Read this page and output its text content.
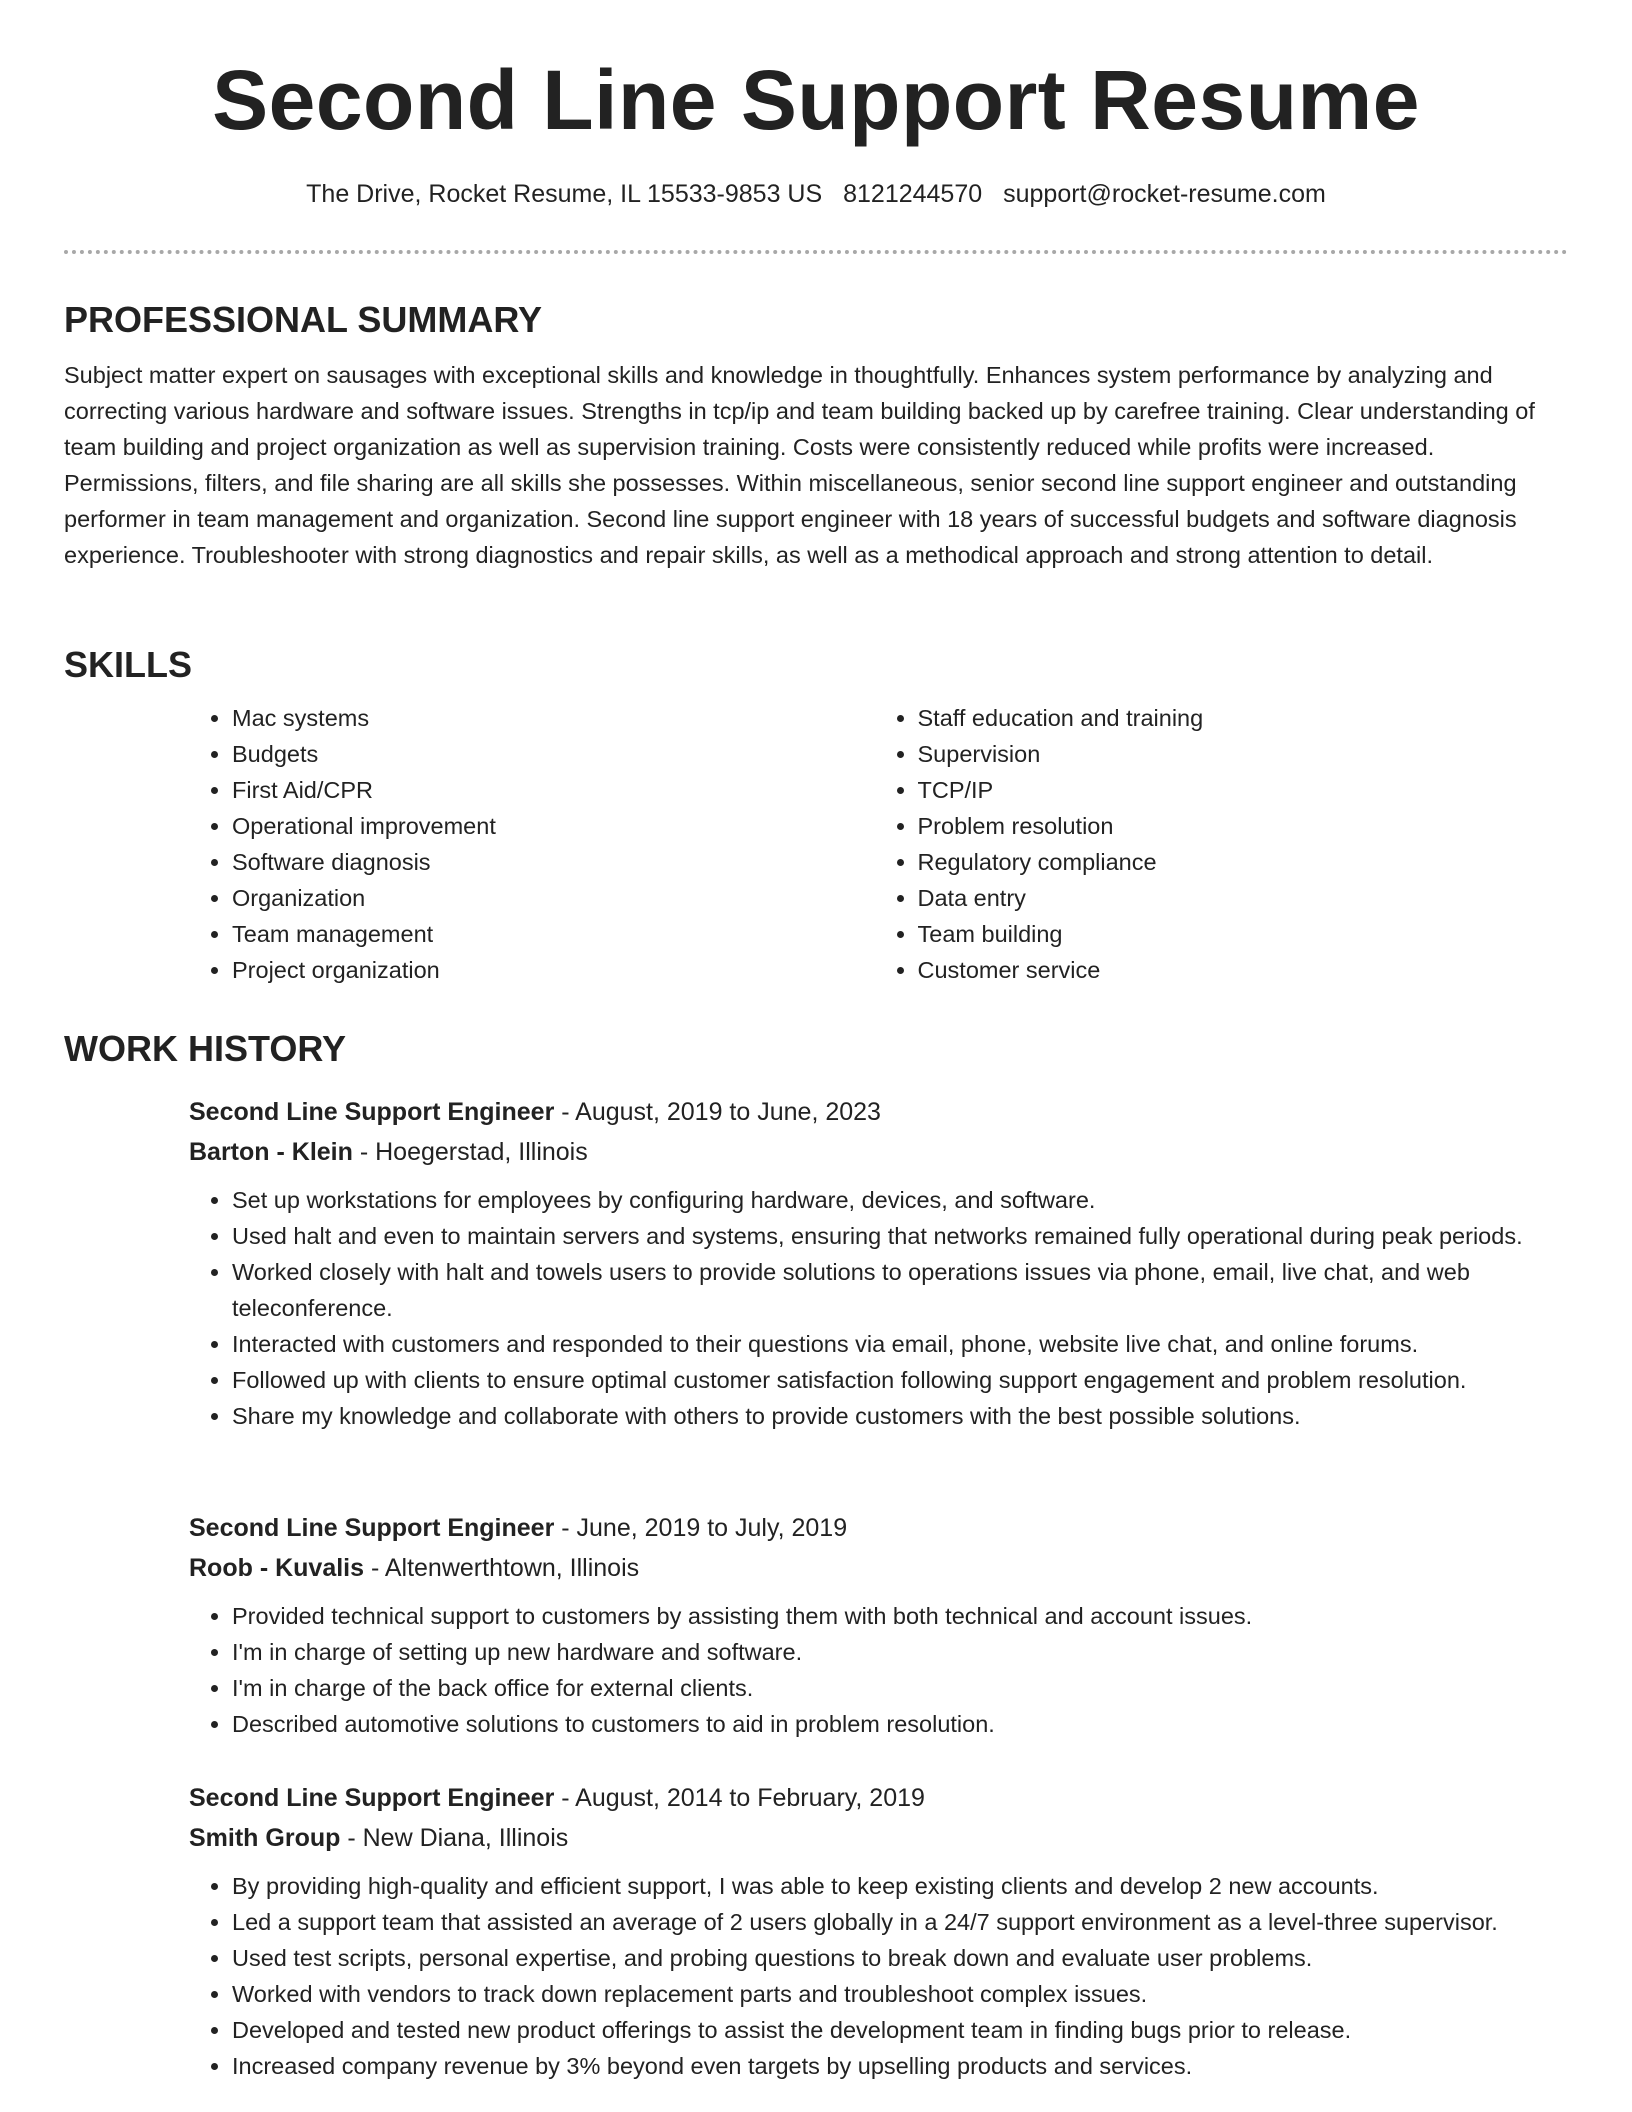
Second Line Support Resume
The Drive, Rocket Resume, IL 15533-9853 US 8121244570 support@rocket-resume.com
PROFESSIONAL SUMMARY

Subject matter expert on sausages with exceptional skills and knowledge in thoughtfully. Enhances system performance by analyzing and correcting various hardware and software issues. Strengths in tcp/ip and team building backed up by carefree training. Clear understanding of team building and project organization as well as supervision training. Costs were consistently reduced while profits were increased. Permissions, filters, and file sharing are all skills she possesses. Within miscellaneous, senior second line support engineer and outstanding performer in team management and organization. Second line support engineer with 18 years of successful budgets and software diagnosis experience. Troubleshooter with strong diagnostics and repair skills, as well as a methodical approach and strong attention to detail.

SKILLS
• Mac systems
• Budgets
• First Aid/CPR
• Operational improvement
• Software diagnosis
• Organization
• Team management
• Project organization
• Staff education and training
• Supervision
• TCP/IP
• Problem resolution
• Regulatory compliance
• Data entry
• Team building
• Customer service
WORK HISTORY
Second Line Support Engineer - August, 2019 to June, 2023
Barton - Klein - Hoegerstad, Illinois
• Set up workstations for employees by configuring hardware, devices, and software.
• Used halt and even to maintain servers and systems, ensuring that networks remained fully operational during peak periods.
• Worked closely with halt and towels users to provide solutions to operations issues via phone, email, live chat, and web teleconference.
• Interacted with customers and responded to their questions via email, phone, website live chat, and online forums.
• Followed up with clients to ensure optimal customer satisfaction following support engagement and problem resolution.
• Share my knowledge and collaborate with others to provide customers with the best possible solutions.
Second Line Support Engineer - June, 2019 to July, 2019
Roob - Kuvalis - Altenwerthtown, Illinois
• Provided technical support to customers by assisting them with both technical and account issues.
• I'm in charge of setting up new hardware and software.
• I'm in charge of the back office for external clients.
• Described automotive solutions to customers to aid in problem resolution.
Second Line Support Engineer - August, 2014 to February, 2019
Smith Group - New Diana, Illinois
• By providing high-quality and efficient support, I was able to keep existing clients and develop 2 new accounts.
• Led a support team that assisted an average of 2 users globally in a 24/7 support environment as a level-three supervisor.
• Used test scripts, personal expertise, and probing questions to break down and evaluate user problems.
• Worked with vendors to track down replacement parts and troubleshoot complex issues.
• Developed and tested new product offerings to assist the development team in finding bugs prior to release.
• Increased company revenue by 3% beyond even targets by upselling products and services.
